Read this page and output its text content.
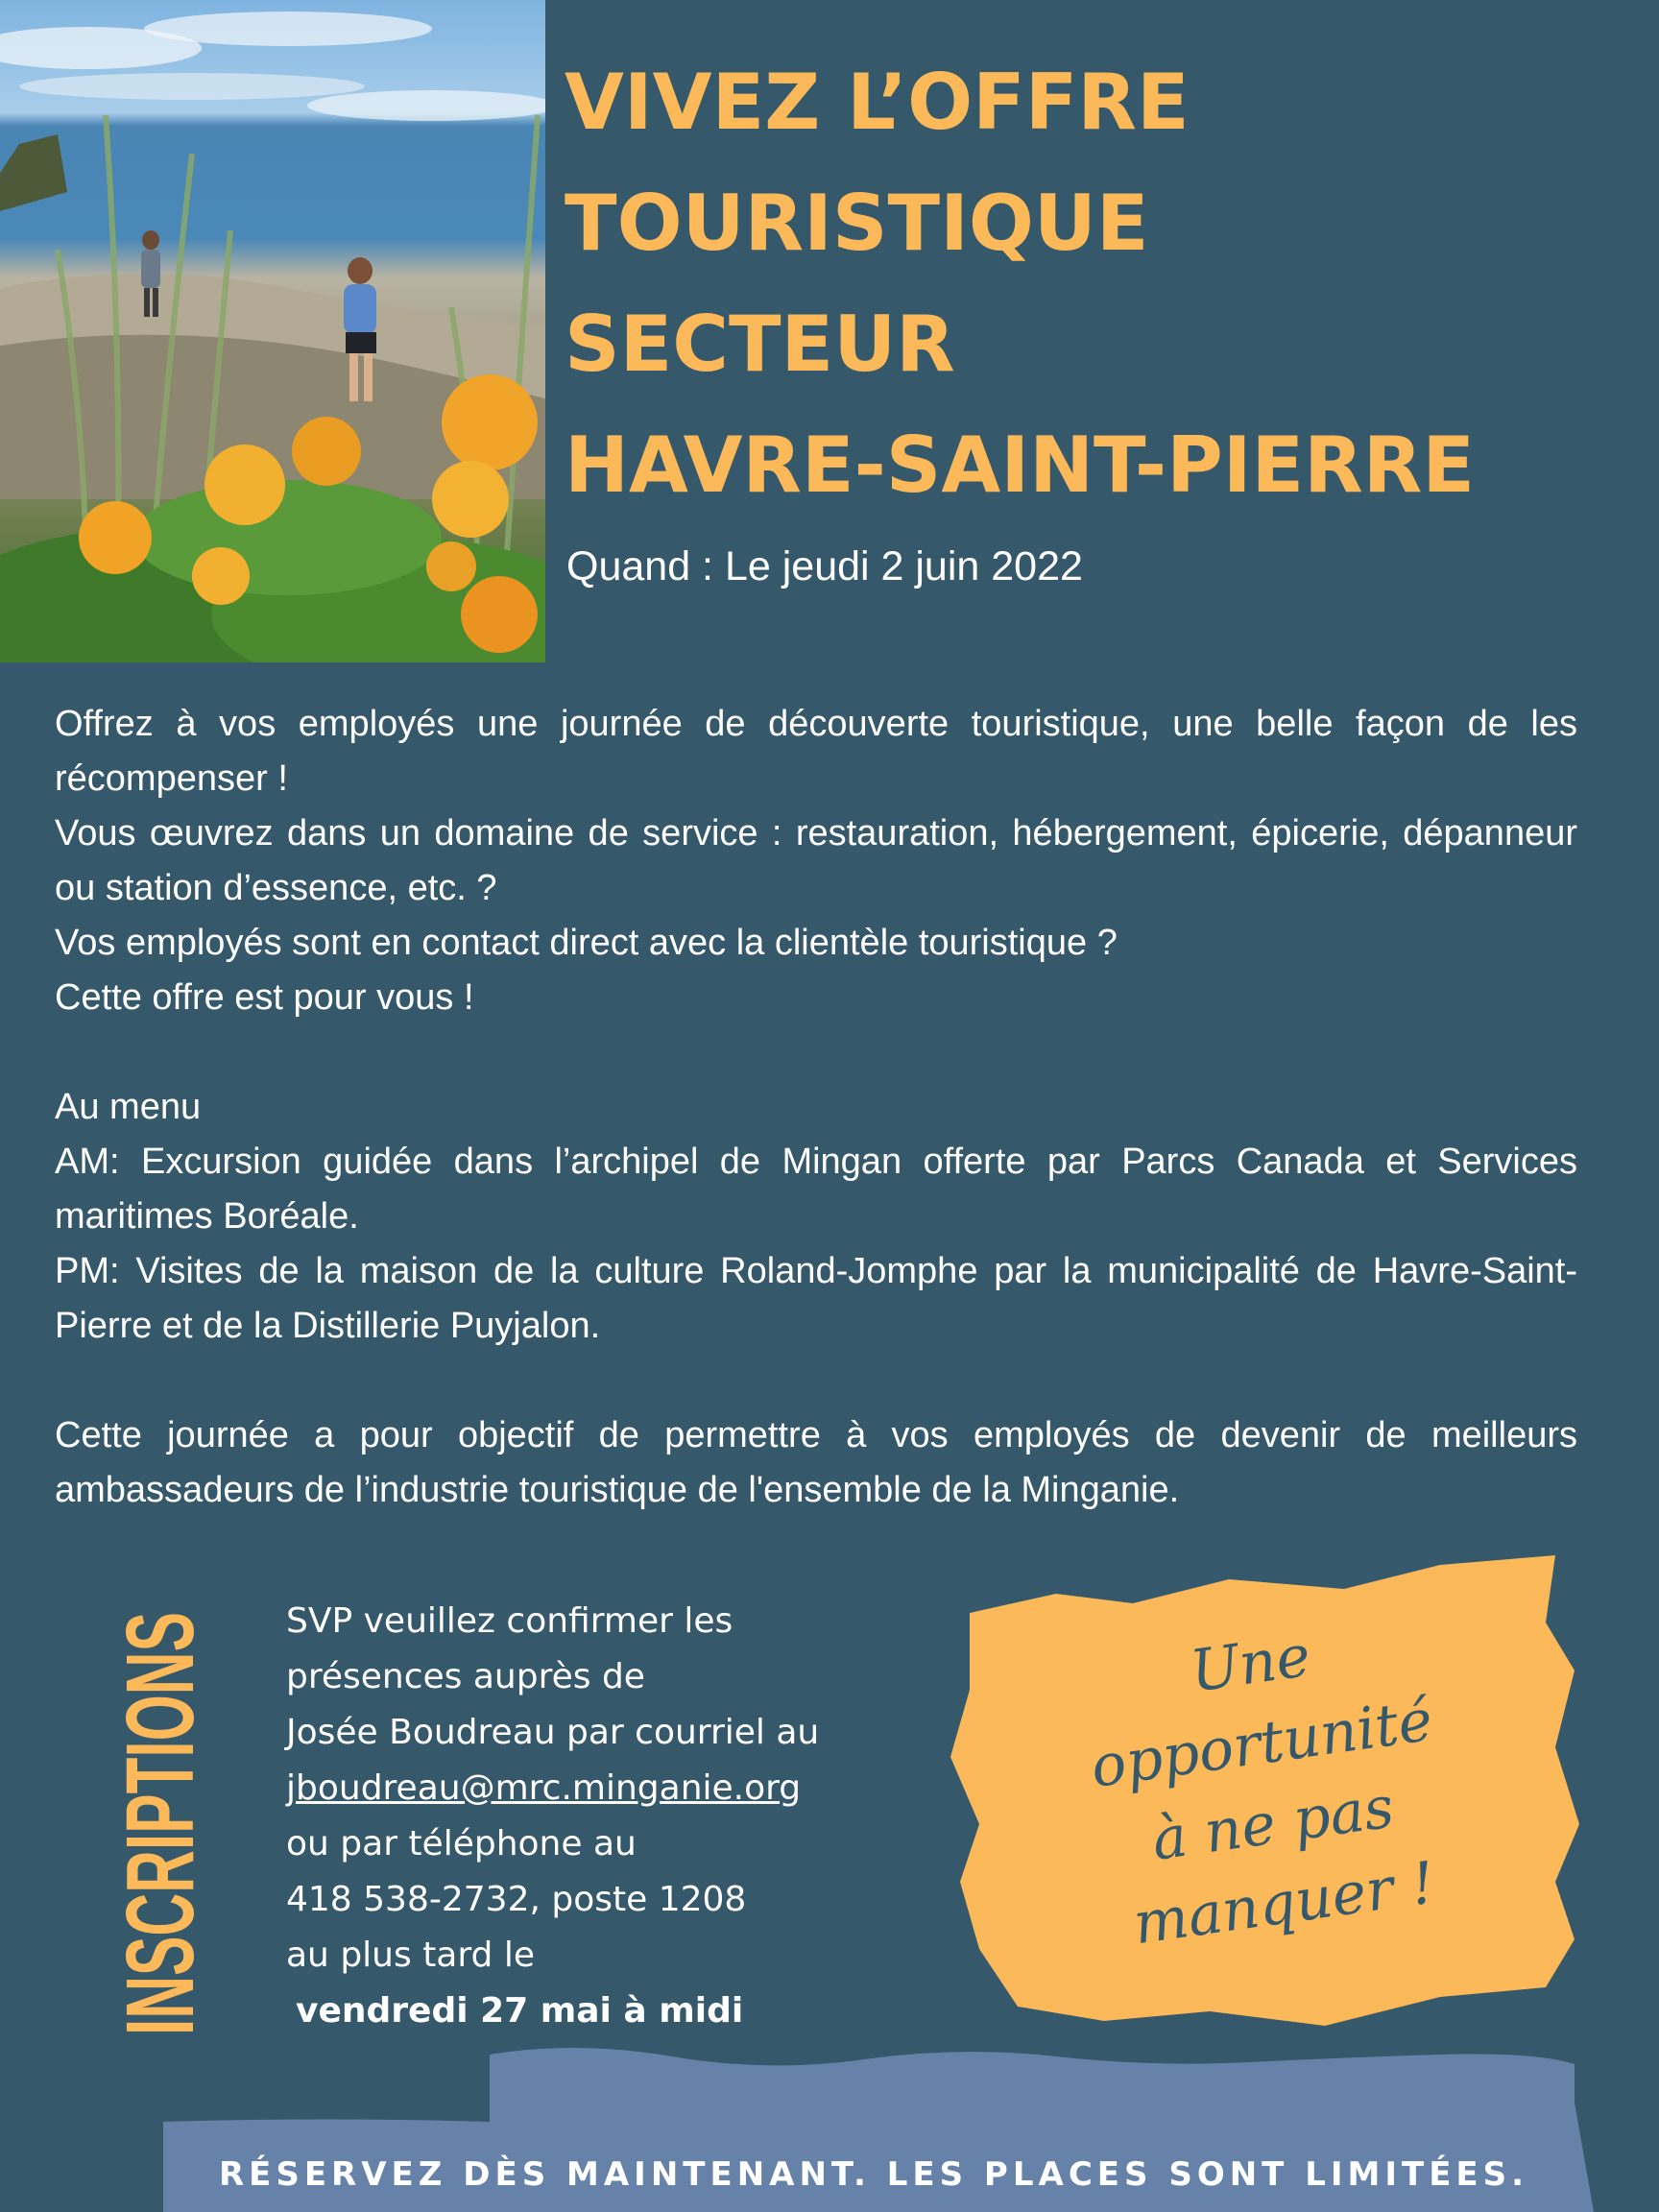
VIVEZ L’OFFRE
TOURISTIQUE
SECTEUR
HAVRE-SAINT-PIERRE
Quand : Le jeudi 2 juin 2022

Offrez à vos employés une journée de découverte touristique, une belle façon de les récompenser !

Vous œuvrez dans un domaine de service : restauration, hébergement, épicerie, dépanneur ou station d’essence, etc. ?

Vos employés sont en contact direct avec la clientèle touristique ?

Cette offre est pour vous !

Au menu

AM: Excursion guidée dans l’archipel de Mingan offerte par Parcs Canada et Services maritimes Boréale.

PM: Visites de la maison de la culture Roland-Jomphe par la municipalité de Havre-Saint-Pierre et de la Distillerie Puyjalon.

Cette journée a pour objectif de permettre à vos employés de devenir de meilleurs ambassadeurs de l’industrie touristique de l'ensemble de la Minganie.

INSCRIPTIONS SVP veuillez confirmer les
présences auprès de
Josée Boudreau par courriel au
jboudreau@mrc.minganie.org
ou par téléphone au
418 538-2732, poste 1208
au plus tard le
vendredi 27 mai à midi
Une
opportunité
à ne pas
manquer !
RÉSERVEZ DÈS MAINTENANT. LES PLACES SONT LIMITÉES.
